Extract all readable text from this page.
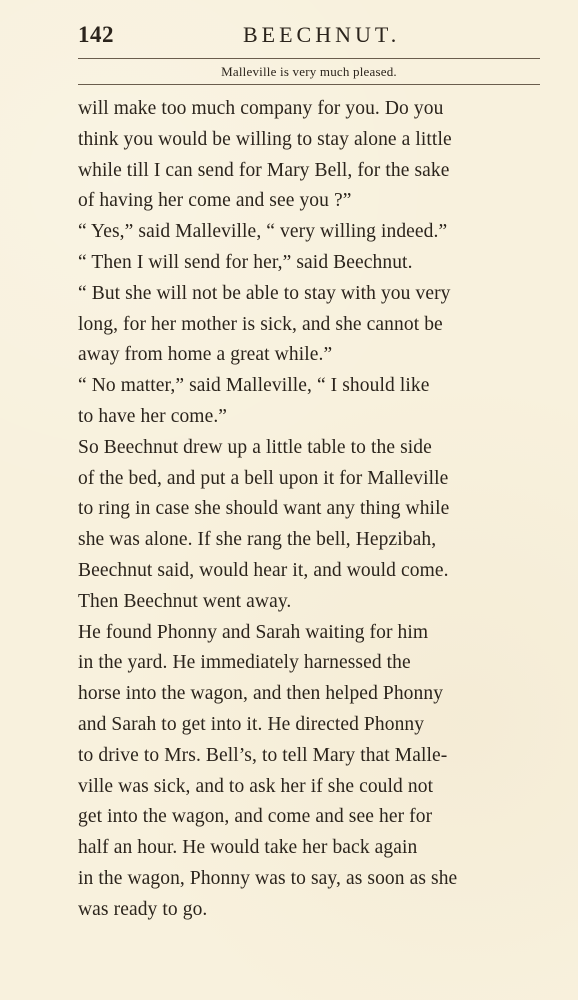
142	BEECHNUT.
Malleville is very much pleased.
will make too much company for you. Do you
think you would be willing to stay alone a little
while till I can send for Mary Bell, for the sake
of having her come and see you ?”
“ Yes,” said Malleville, “ very willing indeed.”
“ Then I will send for her,” said Beechnut.
“ But she will not be able to stay with you very
long, for her mother is sick, and she cannot be
away from home a great while.”
“ No matter,” said Malleville, “ I should like
to have her come.”
So Beechnut drew up a little table to the side
of the bed, and put a bell upon it for Malleville
to ring in case she should want any thing while
she was alone. If she rang the bell, Hepzibah,
Beechnut said, would hear it, and would come.
Then Beechnut went away.
He found Phonny and Sarah waiting for him
in the yard. He immediately harnessed the
horse into the wagon, and then helped Phonny
and Sarah to get into it. He directed Phonny
to drive to Mrs. Bell’s, to tell Mary that Malle-
ville was sick, and to ask her if she could not
get into the wagon, and come and see her for
half an hour. He would take her back again
in the wagon, Phonny was to say, as soon as she
was ready to go.
